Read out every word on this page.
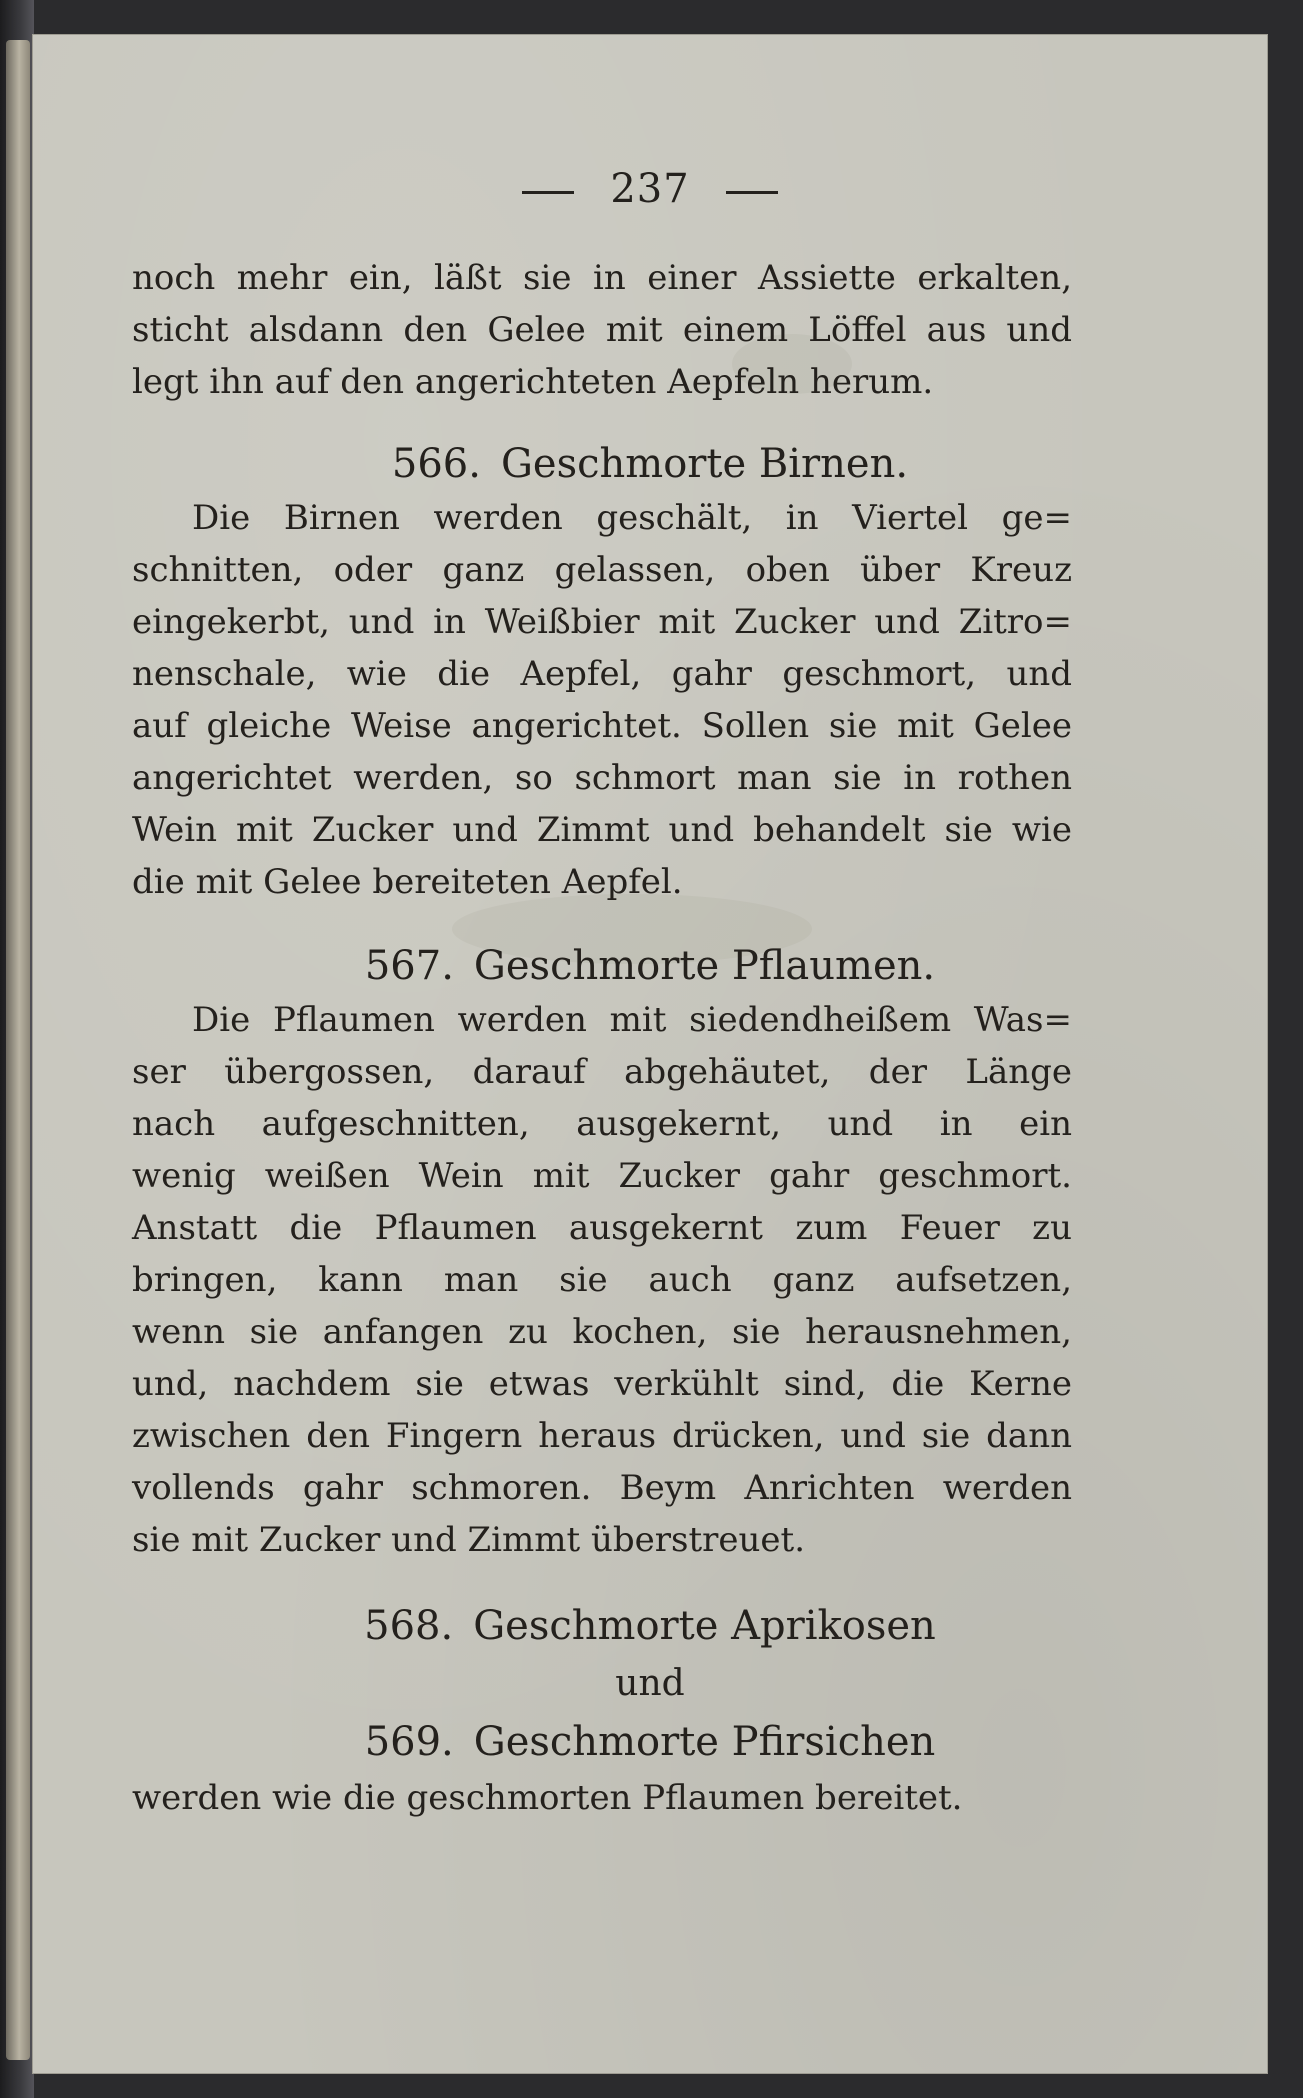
237
noch mehr ein, läßt sie in einer Assiette erkalten,
sticht alsdann den Gelee mit einem Löffel aus und
legt ihn auf den angerichteten Aepfeln herum.
566. Geschmorte Birnen.
Die Birnen werden geschält, in Viertel ge=
schnitten, oder ganz gelassen, oben über Kreuz
eingekerbt, und in Weißbier mit Zucker und Zitro=
nenschale, wie die Aepfel, gahr geschmort, und
auf gleiche Weise angerichtet. Sollen sie mit Gelee
angerichtet werden, so schmort man sie in rothen
Wein mit Zucker und Zimmt und behandelt sie wie
die mit Gelee bereiteten Aepfel.
567. Geschmorte Pflaumen.
Die Pflaumen werden mit siedendheißem Was=
ser übergossen, darauf abgehäutet, der Länge
nach aufgeschnitten, ausgekernt, und in ein
wenig weißen Wein mit Zucker gahr geschmort.
Anstatt die Pflaumen ausgekernt zum Feuer zu
bringen, kann man sie auch ganz aufsetzen,
wenn sie anfangen zu kochen, sie herausnehmen,
und, nachdem sie etwas verkühlt sind, die Kerne
zwischen den Fingern heraus drücken, und sie dann
vollends gahr schmoren. Beym Anrichten werden
sie mit Zucker und Zimmt überstreuet.
568. Geschmorte Aprikosen
und
569. Geschmorte Pfirsichen
werden wie die geschmorten Pflaumen bereitet.
